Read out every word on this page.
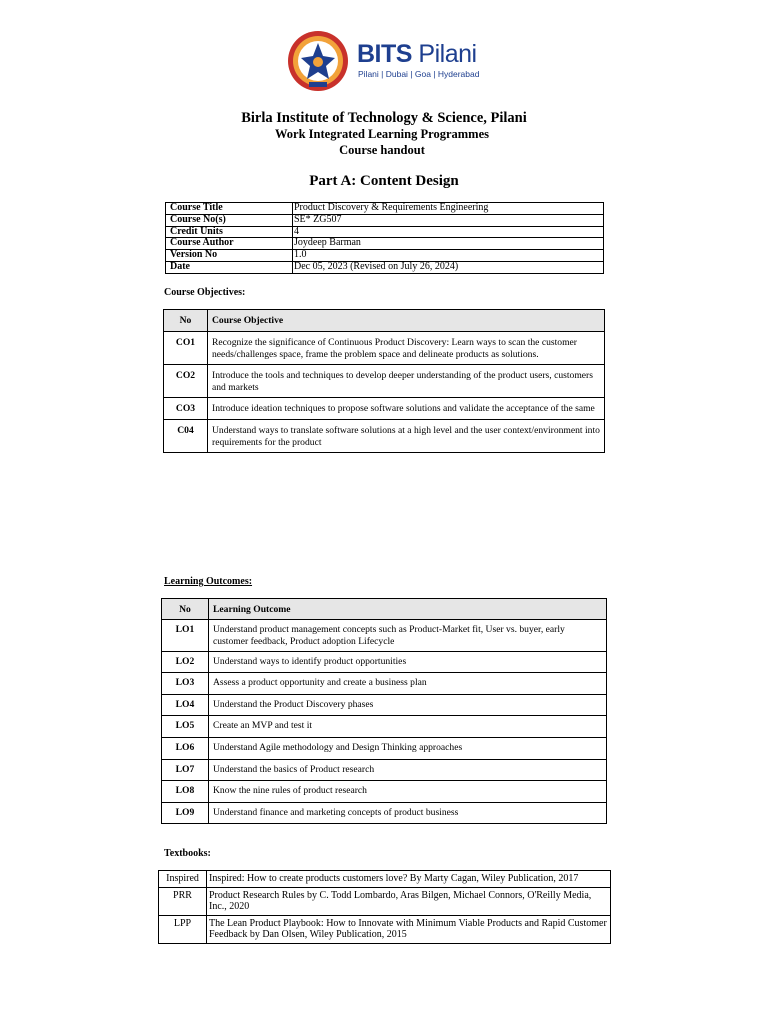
BITS Pilani
Pilani | Dubai | Goa | Hyderabad
Birla Institute of Technology & Science, Pilani
Work Integrated Learning Programmes
Course handout
Part A: Content Design
Course Title	Product Discovery & Requirements Engineering
Course No(s)	SE* ZG507
Credit Units	4
Course Author	Joydeep Barman
Version No	1.0
Date	Dec 05, 2023 (Revised on July 26, 2024)
Course Objectives:
No	Course Objective
CO1	Recognize the significance of Continuous Product Discovery: Learn ways to scan the customer needs/challenges space, frame the problem space and delineate products as solutions.
CO2	Introduce the tools and techniques to develop deeper understanding of the product users, customers and markets
CO3	Introduce ideation techniques to propose software solutions and validate the acceptance of the same
C04	Understand ways to translate software solutions at a high level and the user context/environment into requirements for the product
Learning Outcomes:
No	Learning Outcome
LO1	Understand product management concepts such as Product-Market fit, User vs. buyer, early customer feedback, Product adoption Lifecycle
LO2	Understand ways to identify product opportunities
LO3	Assess a product opportunity and create a business plan
LO4	Understand the Product Discovery phases
LO5	Create an MVP and test it
LO6	Understand Agile methodology and Design Thinking approaches
LO7	Understand the basics of Product research
LO8	Know the nine rules of product research
LO9	Understand finance and marketing concepts of product business
Textbooks:
Inspired	Inspired: How to create products customers love? By Marty Cagan, Wiley Publication, 2017
PRR	Product Research Rules by C. Todd Lombardo, Aras Bilgen, Michael Connors, O'Reilly Media, Inc., 2020
LPP	The Lean Product Playbook: How to Innovate with Minimum Viable Products and Rapid Customer Feedback by Dan Olsen, Wiley Publication, 2015
